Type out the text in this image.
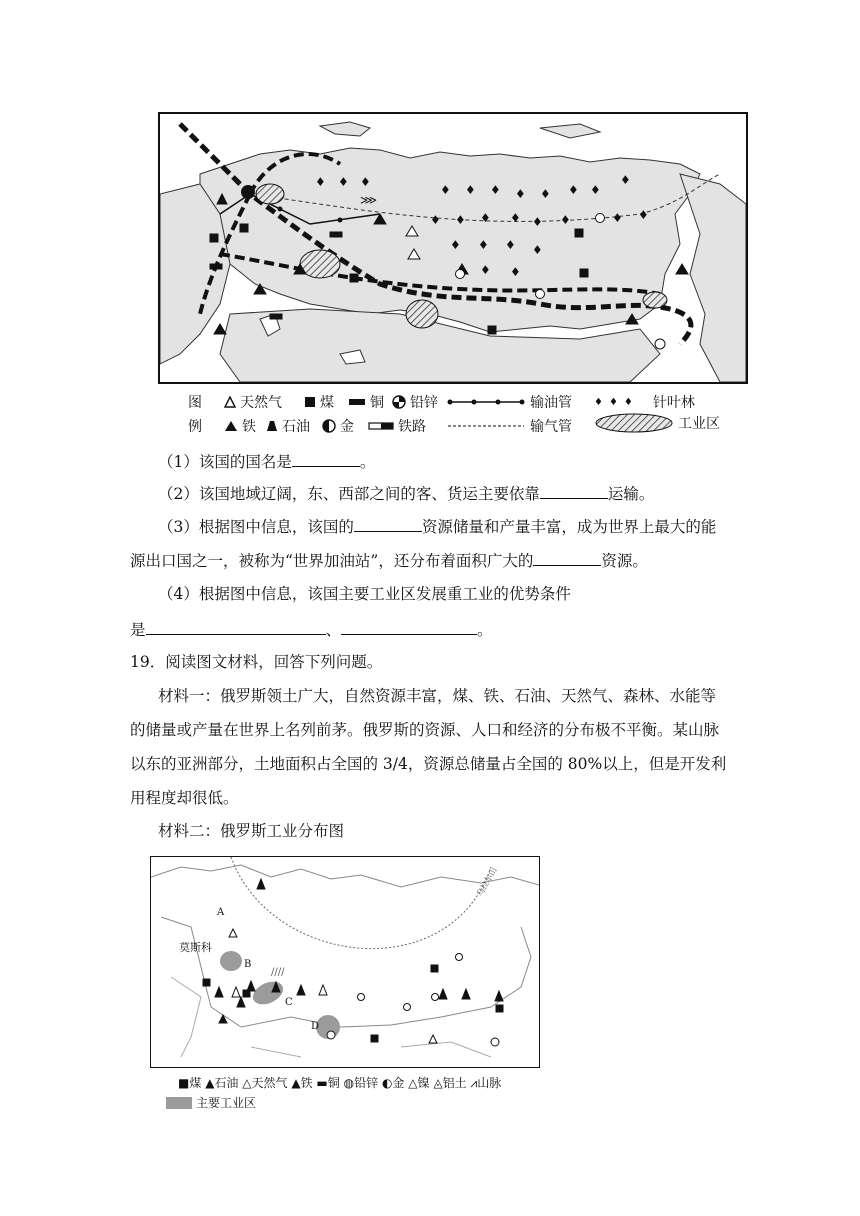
♦ ♦ ♦
♦ ♦ ♦ ♦ ♦ ♦ ♦
♦
♦ ♦ ♦ ♦ ♦ ♦	♦ ♦
♦ ♦ ♦ ♦
♦ ♦
⋙
图
例
天然气	煤	铜 铅锌	输油管 ♦♦♦ 针叶林
铁 石油 金	铁路	输气管	工业区
（1）该国的国名是	。
（2）该国地域辽阔，东、西部之间的客、货运主要依靠	运输。
（3）根据图中信息，该国的	资源储量和产量丰富，成为世界上最大的能
源出口国之一，被称为“世界加油站”，还分布着面积广大的	资源。
（4）根据图中信息，该国主要工业区发展重工业的优势条件
是	、	。
19．阅读图文材料，回答下列问题。
材料一：俄罗斯领土广大，自然资源丰富，煤、铁、石油、天然气、森林、水能等
的储量或产量在世界上名列前茅。俄罗斯的资源、人口和经济的分布极不平衡。某山脉
以东的亚洲部分，土地面积占全国的 3/4，资源总储量占全国的 80%以上，但是开发利
用程度却很低。
材料二：俄罗斯工业分布图
////
乌拉尔山
A
B
C
D
莫斯科
■煤 ▲石油 △天然气 ▲铁 ▬铜 ◍铅锌 ◐金 △镍 ◬铝土 ⩘山脉
主要工业区
